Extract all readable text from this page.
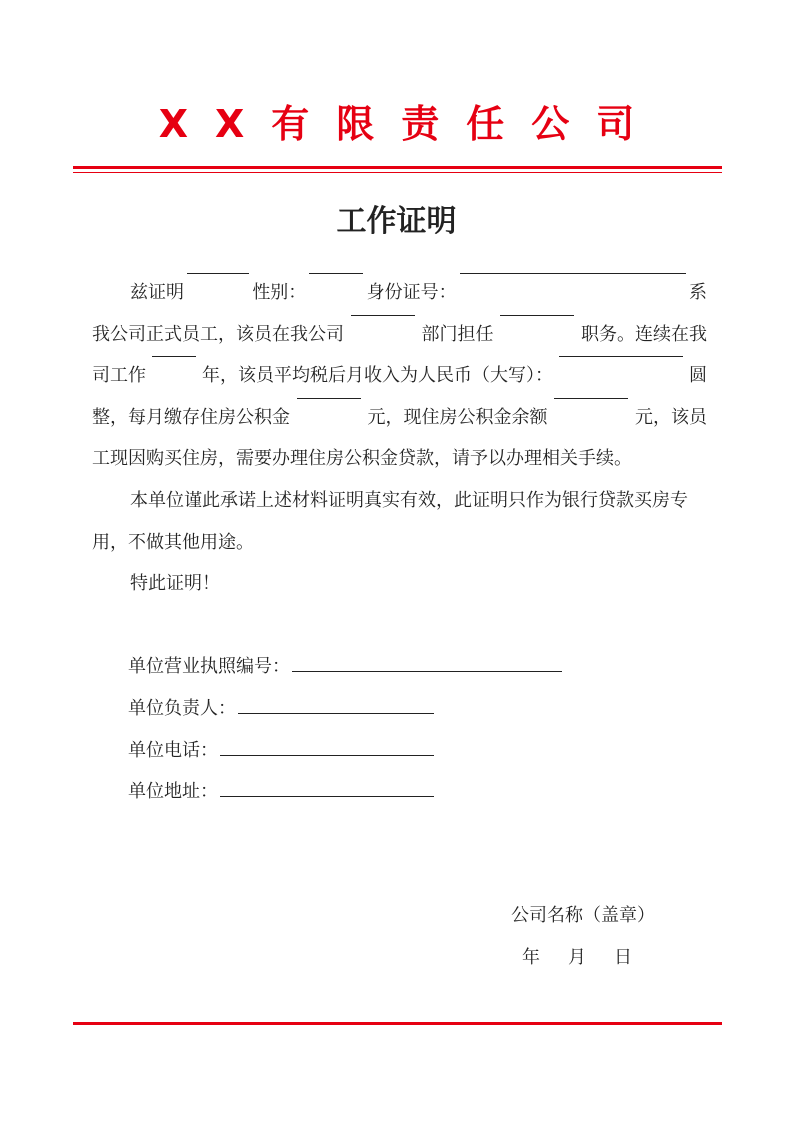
XX有限责任公司
工作证明
兹证明	性别：	身份证号：	系
我公司正式员工，该员在我公司	部门担任	职务。连续在我
司工作	年，该员平均税后月收入为人民币（大写）：	圆
整，每月缴存住房公积金	元，现住房公积金余额	元，该员
工现因购买住房，需要办理住房公积金贷款，请予以办理相关手续。
本单位谨此承诺上述材料证明真实有效，此证明只作为银行贷款买房专
用，不做其他用途。
特此证明！
单位营业执照编号：
单位负责人：
单位电话：
单位地址：
公司名称（盖章）
年 月 日
